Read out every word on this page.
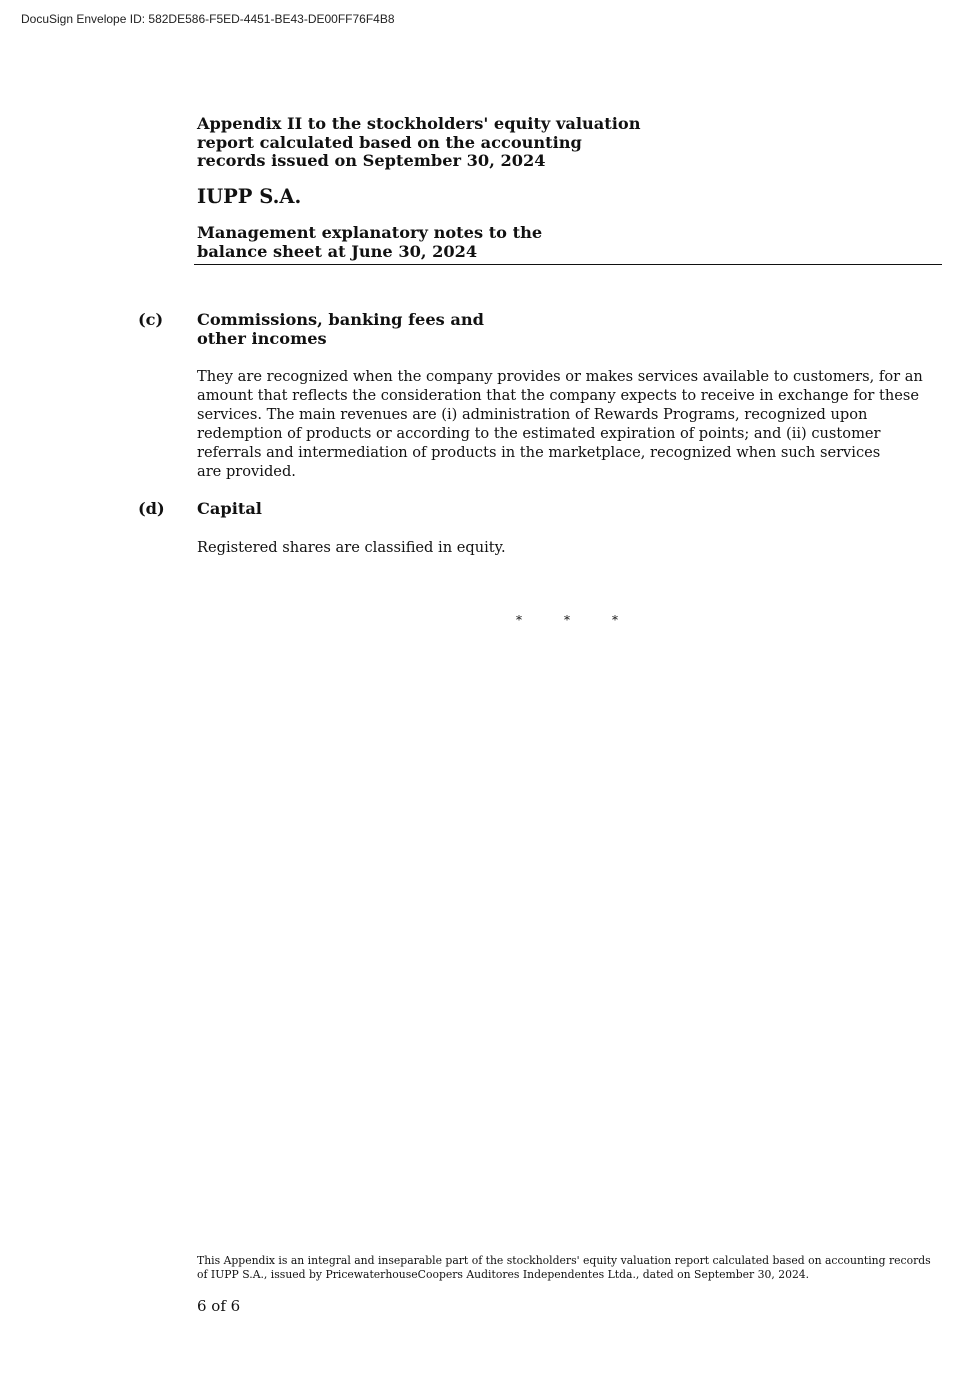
DocuSign Envelope ID: 582DE586-F5ED-4451-BE43-DE00FF76F4B8
Appendix II to the stockholders' equity valuation
report calculated based on the accounting
records issued on September 30, 2024
IUPP S.A.
Management explanatory notes to the
balance sheet at June 30, 2024
(c) Commissions, banking fees and
other incomes
They are recognized when the company provides or makes services available to customers, for an
amount that reflects the consideration that the company expects to receive in exchange for these
services. The main revenues are (i) administration of Rewards Programs, recognized upon
redemption of products or according to the estimated expiration of points; and (ii) customer
referrals and intermediation of products in the marketplace, recognized when such services
are provided.
(d) Capital
Registered shares are classified in equity.
*	*	*
This Appendix is an integral and inseparable part of the stockholders' equity valuation report calculated based on accounting records
of IUPP S.A., issued by PricewaterhouseCoopers Auditores Independentes Ltda., dated on September 30, 2024.
6 of 6
